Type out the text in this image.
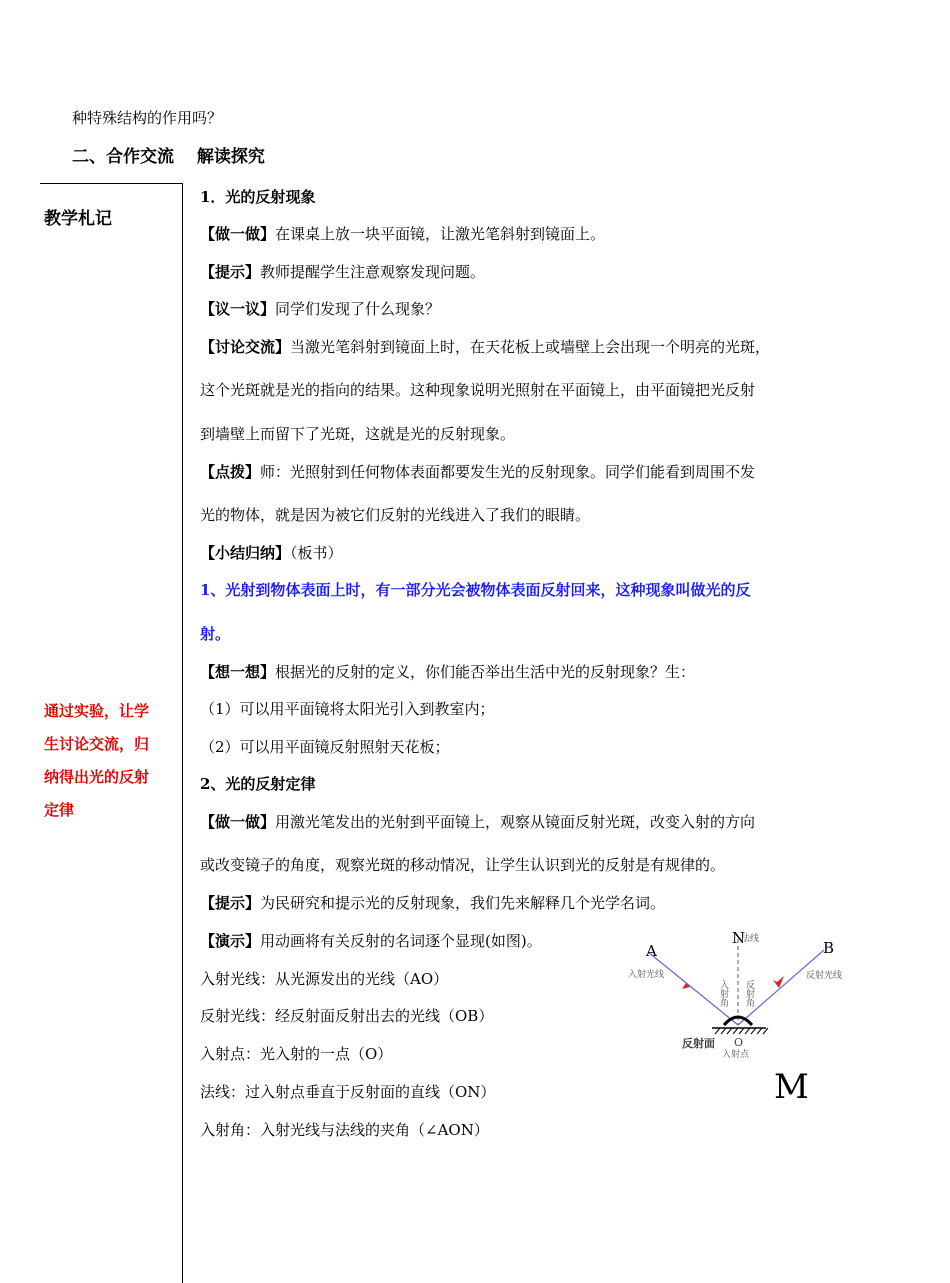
种特殊结构的作用吗？
二、合作交流　 解读探究
教学札记
通过实验，让学
生讨论交流，归
纳得出光的反射
定律
1．光的反射现象
【做一做】在课桌上放一块平面镜，让激光笔斜射到镜面上。
【提示】教师提醒学生注意观察发现问题。
【议一议】同学们发现了什么现象？
【讨论交流】当激光笔斜射到镜面上时，在天花板上或墙壁上会出现一个明亮的光斑，
这个光斑就是光的指向的结果。这种现象说明光照射在平面镜上，由平面镜把光反射
到墙壁上而留下了光斑，这就是光的反射现象。
【点拨】师：光照射到任何物体表面都要发生光的反射现象。同学们能看到周围不发
光的物体，就是因为被它们反射的光线进入了我们的眼睛。
【小结归纳】（板书）
1、光射到物体表面上时，有一部分光会被物体表面反射回来，这种现象叫做光的反
射。
【想一想】根据光的反射的定义，你们能否举出生活中光的反射现象？生：
（1）可以用平面镜将太阳光引入到教室内；
（2）可以用平面镜反射照射天花板；
2、光的反射定律
【做一做】用激光笔发出的光射到平面镜上，观察从镜面反射光斑，改变入射的方向
或改变镜子的角度，观察光斑的移动情况，让学生认识到光的反射是有规律的。
【提示】为民研究和提示光的反射现象，我们先来解释几个光学名词。
【演示】用动画将有关反射的名词逐个显现(如图)。
入射光线：从光源发出的光线（AO）
反射光线：经反射面反射出去的光线（OB）
入射点：光入射的一点（O）
法线：过入射点垂直于反射面的直线（ON）
入射角：入射光线与法线的夹角（∠AON）
A	B
N
法线
入射光线	反射光线
入射角 反射角
O
反射面
入射点
M
